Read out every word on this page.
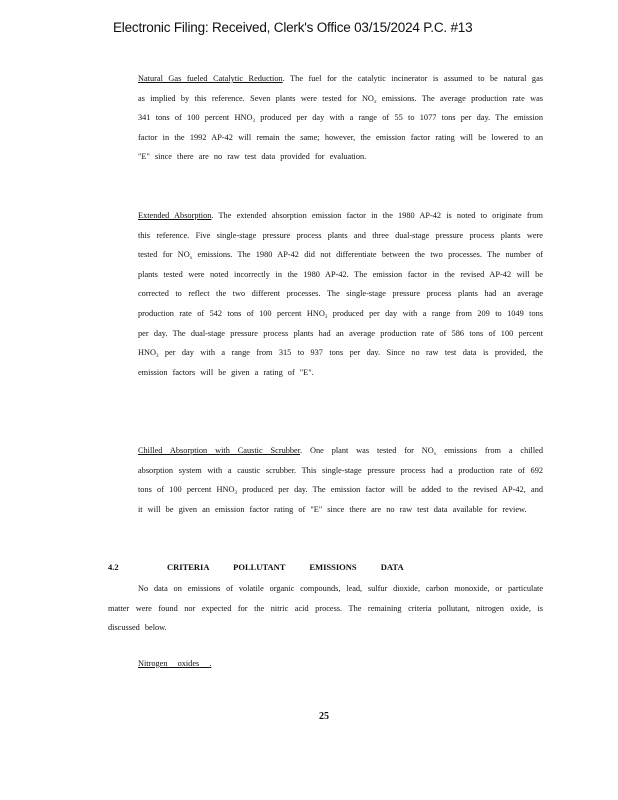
Electronic Filing: Received, Clerk's Office 03/15/2024 P.C. #13
Natural Gas fueled Catalytic Reduction. The fuel for the catalytic incinerator is assumed to be natural gas as implied by this reference. Seven plants were tested for $NO_x$ emissions. The average production rate was 341 tons of 100 percent $HNO_3$ produced per day with a range of 55 to 1077 tons per day. The emission factor in the 1992 AP-42 will remain the same; however, the emission factor rating will be lowered to an "E" since there are no raw test data provided for evaluation.
Extended Absorption. The extended absorption emission factor in the 1980 AP-42 is noted to originate from this reference. Five single-stage pressure process plants and three dual-stage pressure process plants were tested for $NO_x$ emissions. The 1980 AP-42 did not differentiate between the two processes. The number of plants tested were noted incorrectly in the 1980 AP-42. The emission factor in the revised AP-42 will be corrected to reflect the two different processes. The single-stage pressure process plants had an average production rate of 542 tons of 100 percent $HNO_3$ produced per day with a range from 209 to 1049 tons per day. The dual-stage pressure process plants had an average production rate of 586 tons of 100 percent $HNO_3$ per day with a range from 315 to 937 tons per day. Since no raw test data is provided, the emission factors will be given a rating of "E".
Chilled Absorption with Caustic Scrubber. One plant was tested for $NO_x$ emissions from a chilled absorption system with a caustic scrubber. This single-stage pressure process had a production rate of 692 tons of 100 percent $HNO_3$ produced per day. The emission factor will be added to the revised AP-42, and it will be given an emission factor rating of "E" since there are no raw test data available for review.
4.2	CRITERIA POLLUTANT EMISSIONS DATA
No data on emissions of volatile organic compounds, lead, sulfur dioxide, carbon monoxide, or particulate matter were found nor expected for the nitric acid process. The remaining criteria pollutant, nitrogen oxide, is discussed below.
Nitrogen oxides .
25
